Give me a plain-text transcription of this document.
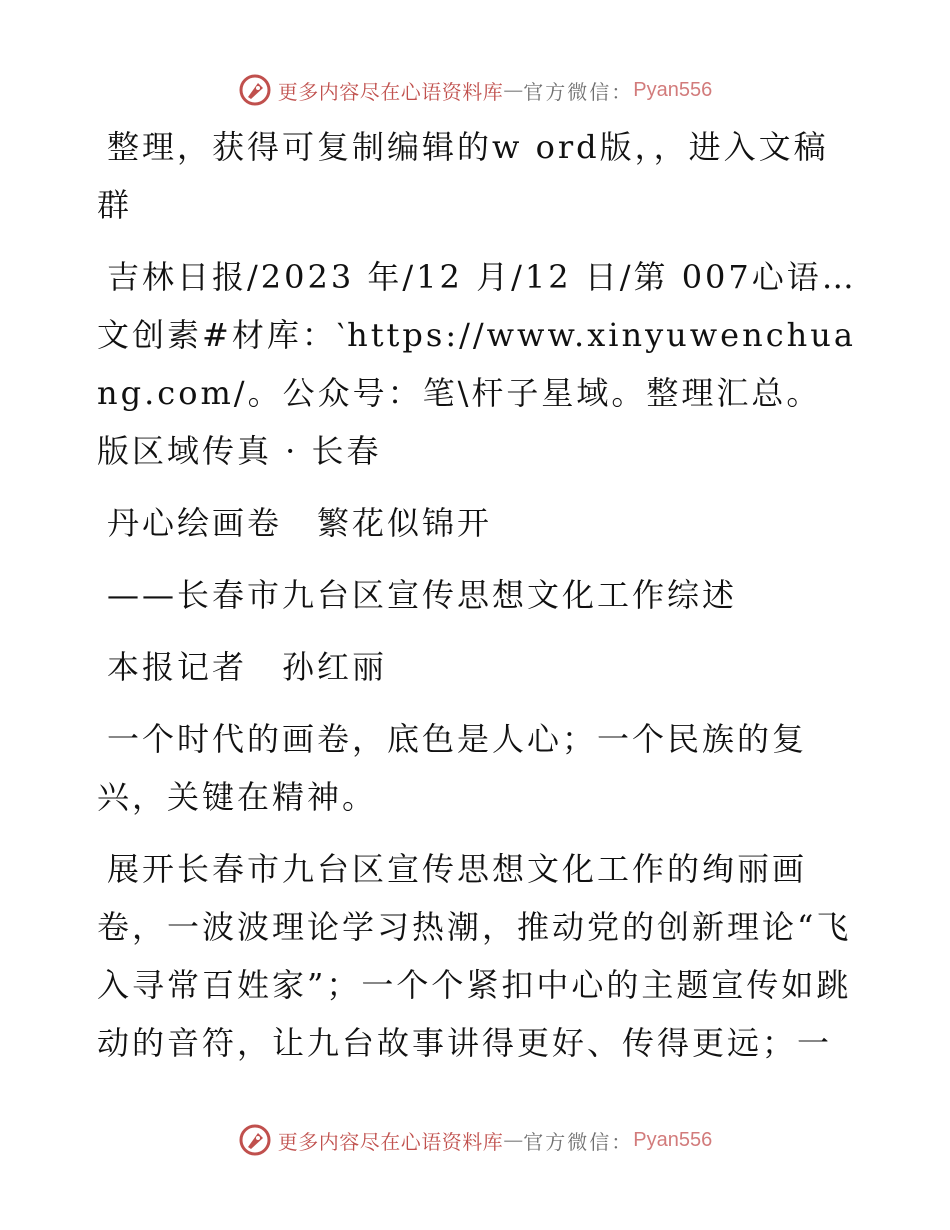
更多内容尽在心语资料库 — 官方微信： Pyan556

整理，获得可复制编辑的w ord版，，进入文稿群

吉林日报/2023 年/12 月/12 日/第 007心语…文创素#材库：‵https://www.xinyuwenchuang.com/。公众号：笔\杆子星域。整理汇总。 版区域传真 · 长春

丹心绘画卷　繁花似锦开

——长春市九台区宣传思想文化工作综述

本报记者　孙红丽

一个时代的画卷，底色是人心；一个民族的复兴，关键在精神。

展开长春市九台区宣传思想文化工作的绚丽画卷，一波波理论学习热潮，推动党的创新理论“飞入寻常百姓家”；一个个紧扣中心的主题宣传如跳动的音符，让九台故事讲得更好、传得更远；一

更多内容尽在心语资料库 — 官方微信： Pyan556
